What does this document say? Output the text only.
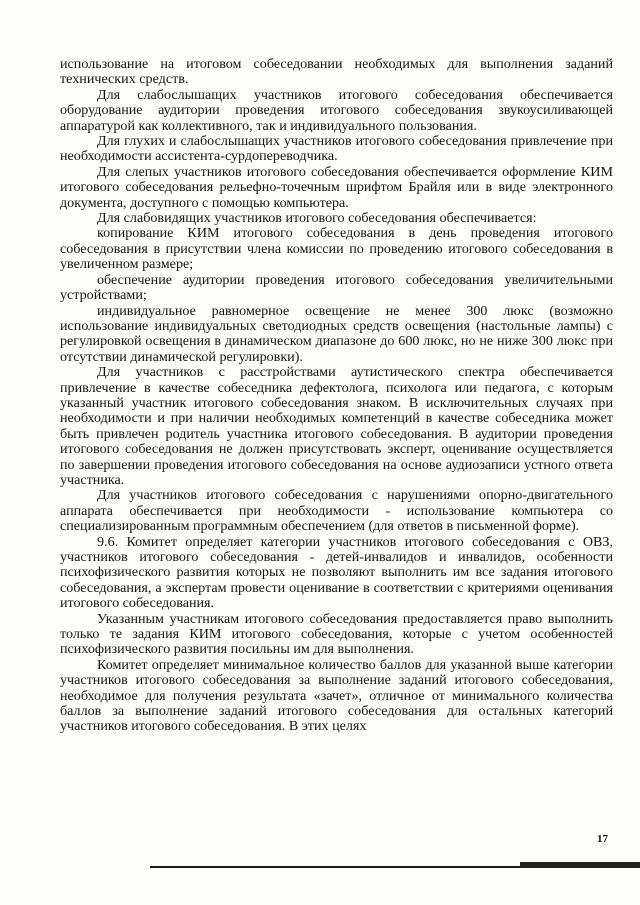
использование на итоговом собеседовании необходимых для выполнения заданий технических средств.

Для слабослышащих участников итогового собеседования обеспечивается оборудование аудитории проведения итогового собеседования звукоусиливающей аппаратурой как коллективного, так и индивидуального пользования.

Для глухих и слабослышащих участников итогового собеседования привлечение при необходимости ассистента-сурдопереводчика.

Для слепых участников итогового собеседования обеспечивается оформление КИМ итогового собеседования рельефно-точечным шрифтом Брайля или в виде электронного документа, доступного с помощью компьютера.

Для слабовидящих участников итогового собеседования обеспечивается:

копирование КИМ итогового собеседования в день проведения итогового собеседования в присутствии члена комиссии по проведению итогового собеседования в увеличенном размере;

обеспечение аудитории проведения итогового собеседования увеличительными устройствами;

индивидуальное равномерное освещение не менее 300 люкс (возможно использование индивидуальных светодиодных средств освещения (настольные лампы) с регулировкой освещения в динамическом диапазоне до 600 люкс, но не ниже 300 люкс при отсутствии динамической регулировки).

Для участников с расстройствами аутистического спектра обеспечивается привлечение в качестве собеседника дефектолога, психолога или педагога, с которым указанный участник итогового собеседования знаком. В исключительных случаях при необходимости и при наличии необходимых компетенций в качестве собеседника может быть привлечен родитель участника итогового собеседования. В аудитории проведения итогового собеседования не должен присутствовать эксперт, оценивание осуществляется по завершении проведения итогового собеседования на основе аудиозаписи устного ответа участника.

Для участников итогового собеседования с нарушениями опорно-двигательного аппарата обеспечивается при необходимости - использование компьютера со специализированным программным обеспечением (для ответов в письменной форме).

9.6. Комитет определяет категории участников итогового собеседования с ОВЗ, участников итогового собеседования - детей-инвалидов и инвалидов, особенности психофизического развития которых не позволяют выполнить им все задания итогового собеседования, а экспертам провести оценивание в соответствии с критериями оценивания итогового собеседования.

Указанным участникам итогового собеседования предоставляется право выполнить только те задания КИМ итогового собеседования, которые с учетом особенностей психофизического развития посильны им для выполнения.

Комитет определяет минимальное количество баллов для указанной выше категории участников итогового собеседования за выполнение заданий итогового собеседования, необходимое для получения результата «зачет», отличное от минимального количества баллов за выполнение заданий итогового собеседования для остальных категорий участников итогового собеседования. В этих целях

17
